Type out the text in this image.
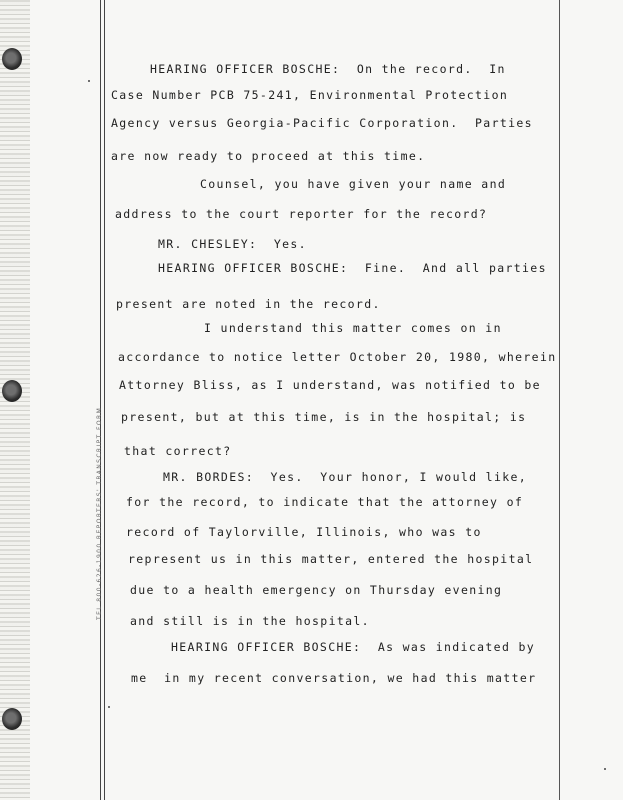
TEL 800-626-1900 REPORTERS' TRANSCRIPT FORM
HEARING OFFICER BOSCHE:  On the record.  In
Case Number PCB 75-241, Environmental Protection
Agency versus Georgia-Pacific Corporation.  Parties
are now ready to proceed at this time.
Counsel, you have given your name and
address to the court reporter for the record?
MR. CHESLEY:  Yes.
HEARING OFFICER BOSCHE:  Fine.  And all parties
present are noted in the record.
I understand this matter comes on in
accordance to notice letter October 20, 1980, wherein
Attorney Bliss, as I understand, was notified to be
present, but at this time, is in the hospital; is
that correct?
MR. BORDES:  Yes.  Your honor, I would like,
for the record, to indicate that the attorney of
record of Taylorville, Illinois, who was to
represent us in this matter, entered the hospital
due to a health emergency on Thursday evening
and still is in the hospital.
HEARING OFFICER BOSCHE:  As was indicated by
me  in my recent conversation, we had this matter
